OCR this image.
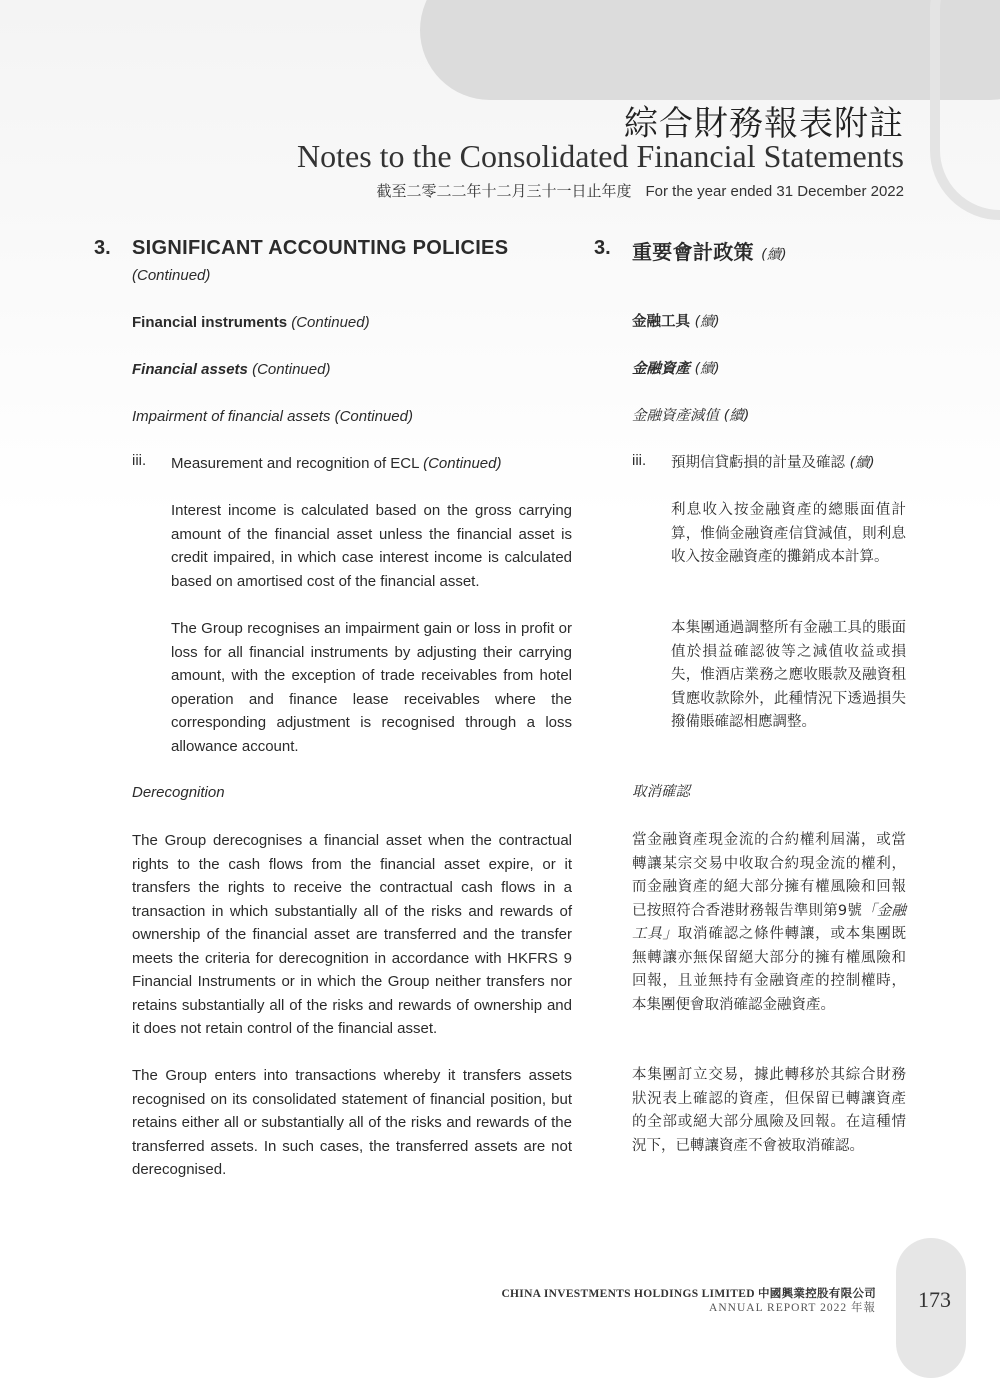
綜合財務報表附註
Notes to the Consolidated Financial Statements
截至二零二二年十二月三十一日止年度 For the year ended 31 December 2022
3. SIGNIFICANT ACCOUNTING POLICIES
(Continued)
3. 重要會計政策 (續)
Financial instruments (Continued)	金融工具 (續)
Financial assets (Continued)	金融資產 (續)
Impairment of financial assets (Continued)	金融資產減值 (續)
iii. Measurement and recognition of ECL (Continued)	iii. 預期信貸虧損的計量及確認 (續)
Interest income is calculated based on the gross carrying amount of the financial asset unless the financial asset is credit impaired, in which case interest income is calculated based on amortised cost of the financial asset.
利息收入按金融資產的總賬面值計算，惟倘金融資產信貸減值，則利息收入按金融資產的攤銷成本計算。
The Group recognises an impairment gain or loss in profit or loss for all financial instruments by adjusting their carrying amount, with the exception of trade receivables from hotel operation and finance lease receivables where the corresponding adjustment is recognised through a loss allowance account.
本集團通過調整所有金融工具的賬面值於損益確認彼等之減值收益或損失，惟酒店業務之應收賬款及融資租賃應收款除外，此種情況下透過損失撥備賬確認相應調整。
Derecognition	取消確認
The Group derecognises a financial asset when the contractual rights to the cash flows from the financial asset expire, or it transfers the rights to receive the contractual cash flows in a transaction in which substantially all of the risks and rewards of ownership of the financial asset are transferred and the transfer meets the criteria for derecognition in accordance with HKFRS 9 Financial Instruments or in which the Group neither transfers nor retains substantially all of the risks and rewards of ownership and it does not retain control of the financial asset.
當金融資產現金流的合約權利屆滿，或當轉讓某宗交易中收取合約現金流的權利，而金融資產的絕大部分擁有權風險和回報已按照符合香港財務報告準則第9號「金融工具」取消確認之條件轉讓，或本集團既無轉讓亦無保留絕大部分的擁有權風險和回報，且並無持有金融資產的控制權時，本集團便會取消確認金融資產。
The Group enters into transactions whereby it transfers assets recognised on its consolidated statement of financial position, but retains either all or substantially all of the risks and rewards of the transferred assets. In such cases, the transferred assets are not derecognised.
本集團訂立交易，據此轉移於其綜合財務狀況表上確認的資產，但保留已轉讓資產的全部或絕大部分風險及回報。在這種情況下，已轉讓資產不會被取消確認。
CHINA INVESTMENTS HOLDINGS LIMITED 中國興業控股有限公司
ANNUAL REPORT 2022 年報 173
